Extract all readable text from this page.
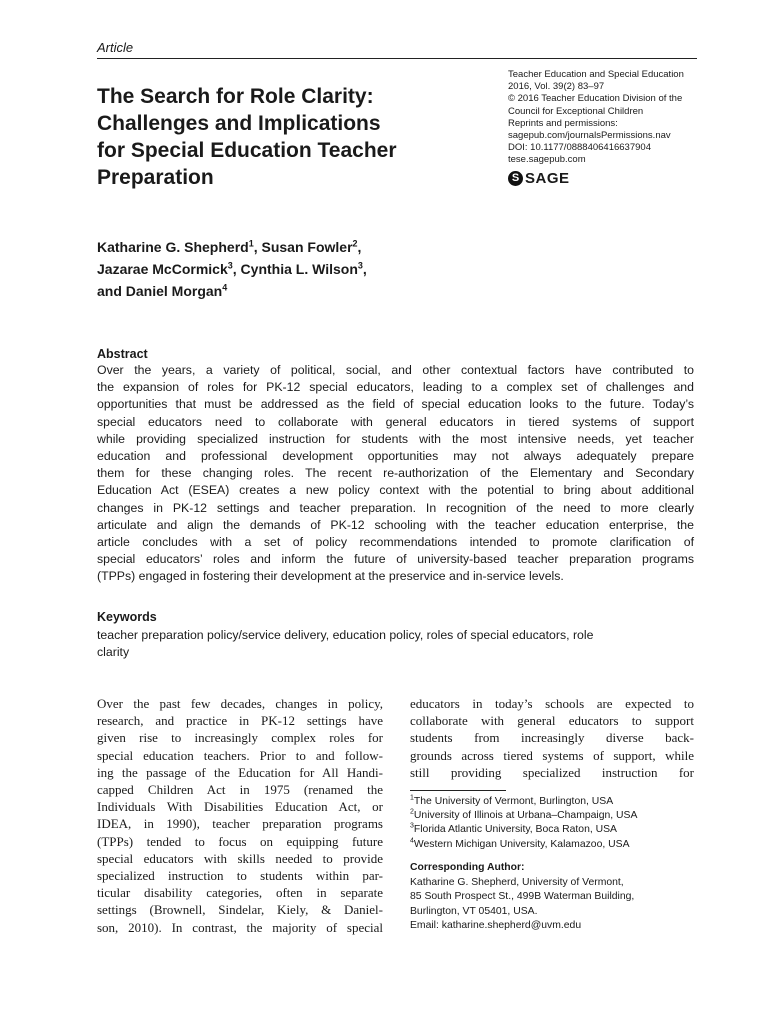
Article
The Search for Role Clarity:
Challenges and Implications
for Special Education Teacher
Preparation
Teacher Education and Special Education
2016, Vol. 39(2) 83–97
© 2016 Teacher Education Division of the
Council for Exceptional Children
Reprints and permissions:
sagepub.com/journalsPermissions.nav
DOI: 10.1177/0888406416637904
tese.sagepub.com
S SAGE
Katharine G. Shepherd$^1$, Susan Fowler$^2$,
Jazarae McCormick$^3$, Cynthia L. Wilson$^3$,
and Daniel Morgan$^4$
Abstract
Over the years, a variety of political, social, and other contextual factors have contributed to
the expansion of roles for PK-12 special educators, leading to a complex set of challenges and
opportunities that must be addressed as the field of special education looks to the future. Today’s
special educators need to collaborate with general educators in tiered systems of support
while providing specialized instruction for students with the most intensive needs, yet teacher
education and professional development opportunities may not always adequately prepare
them for these changing roles. The recent re-authorization of the Elementary and Secondary
Education Act (ESEA) creates a new policy context with the potential to bring about additional
changes in PK-12 settings and teacher preparation. In recognition of the need to more clearly
articulate and align the demands of PK-12 schooling with the teacher education enterprise, the
article concludes with a set of policy recommendations intended to promote clarification of
special educators’ roles and inform the future of university-based teacher preparation programs
(TPPs) engaged in fostering their development at the preservice and in-service levels.
Keywords
teacher preparation policy/service delivery, education policy, roles of special educators, role
clarity
Over the past few decades, changes in policy,
research, and practice in PK-12 settings have
given rise to increasingly complex roles for
special education teachers. Prior to and follow-
ing the passage of the Education for All Handi-
capped Children Act in 1975 (renamed the
Individuals With Disabilities Education Act, or
IDEA, in 1990), teacher preparation programs
(TPPs) tended to focus on equipping future
special educators with skills needed to provide
specialized instruction to students within par-
ticular disability categories, often in separate
settings (Brownell, Sindelar, Kiely, & Daniel-
son, 2010). In contrast, the majority of special
educators in today’s schools are expected to
collaborate with general educators to support
students from increasingly diverse back-
grounds across tiered systems of support, while
still providing specialized instruction for
$^1$The University of Vermont, Burlington, USA
$^2$University of Illinois at Urbana–Champaign, USA
$^3$Florida Atlantic University, Boca Raton, USA
$^4$Western Michigan University, Kalamazoo, USA
Corresponding Author:
Katharine G. Shepherd, University of Vermont,
85 South Prospect St., 499B Waterman Building,
Burlington, VT 05401, USA.
Email: katharine.shepherd@uvm.edu
